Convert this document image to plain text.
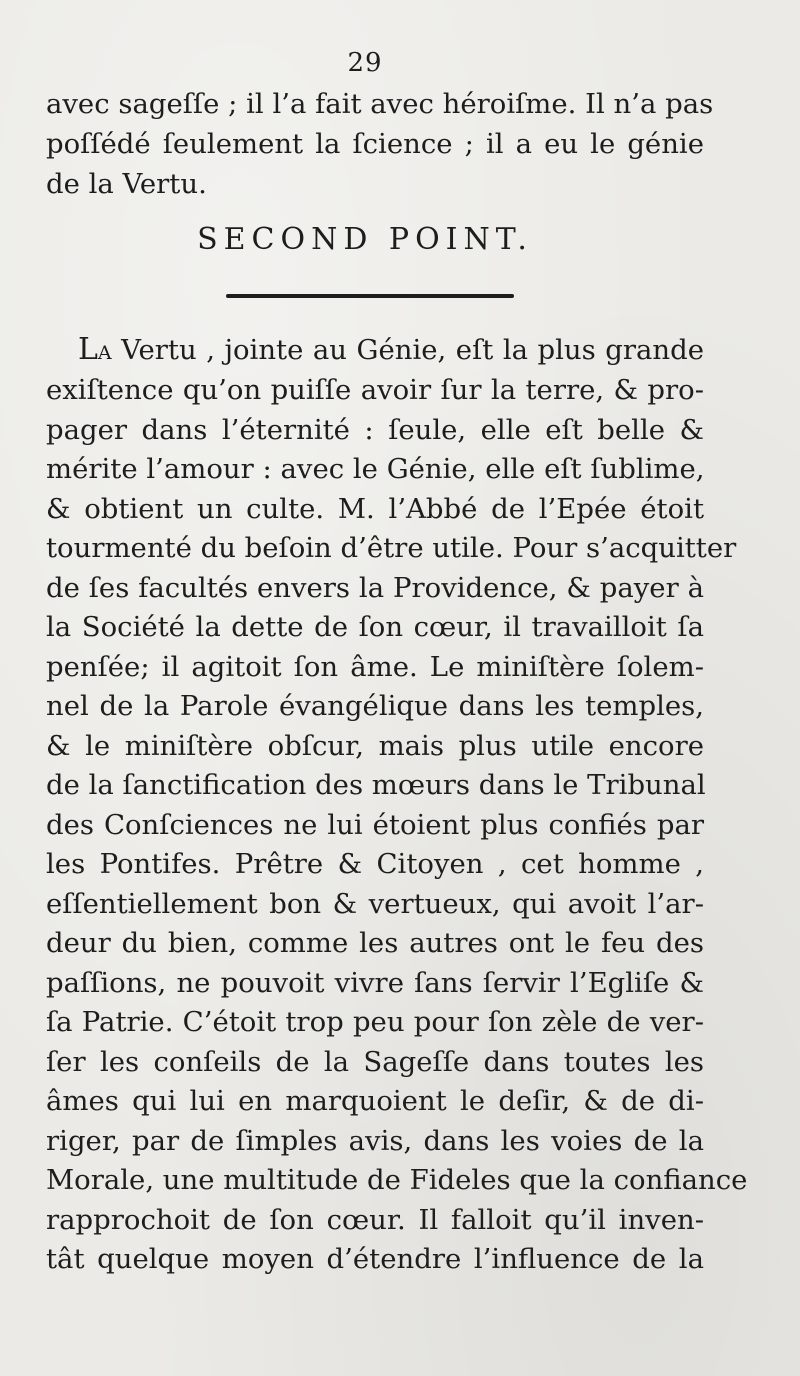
29
avec sageſſe ; il l’a fait avec héroiſme. Il n’a pas
poſſédé ſeulement la ſcience ; il a eu le génie
de la Vertu.
SECOND POINT.
La Vertu , jointe au Génie, eſt la plus grande
exiſtence qu’on puiſſe avoir ſur la terre, & pro-
pager dans l’éternité : ſeule, elle eſt belle &
mérite l’amour : avec le Génie, elle eſt ſublime,
& obtient un culte. M. l’Abbé de l’Epée étoit
tourmenté du beſoin d’être utile. Pour s’acquitter
de ſes facultés envers la Providence, & payer à
la Société la dette de ſon cœur, il travailloit ſa
penſée; il agitoit ſon âme. Le miniſtère ſolem-
nel de la Parole évangélique dans les temples,
& le miniſtère obſcur, mais plus utile encore
de la ſanctification des mœurs dans le Tribunal
des Conſciences ne lui étoient plus confiés par
les Pontifes. Prêtre & Citoyen , cet homme ,
eſſentiellement bon & vertueux, qui avoit l’ar-
deur du bien, comme les autres ont le feu des
paſſions, ne pouvoit vivre ſans ſervir l’Egliſe &
ſa Patrie. C’étoit trop peu pour ſon zèle de ver-
ſer les conſeils de la Sageſſe dans toutes les
âmes qui lui en marquoient le deſir, & de di-
riger, par de ſimples avis, dans les voies de la
Morale, une multitude de Fideles que la confiance
rapprochoit de ſon cœur. Il falloit qu’il inven-
tât quelque moyen d’étendre l’influence de la
